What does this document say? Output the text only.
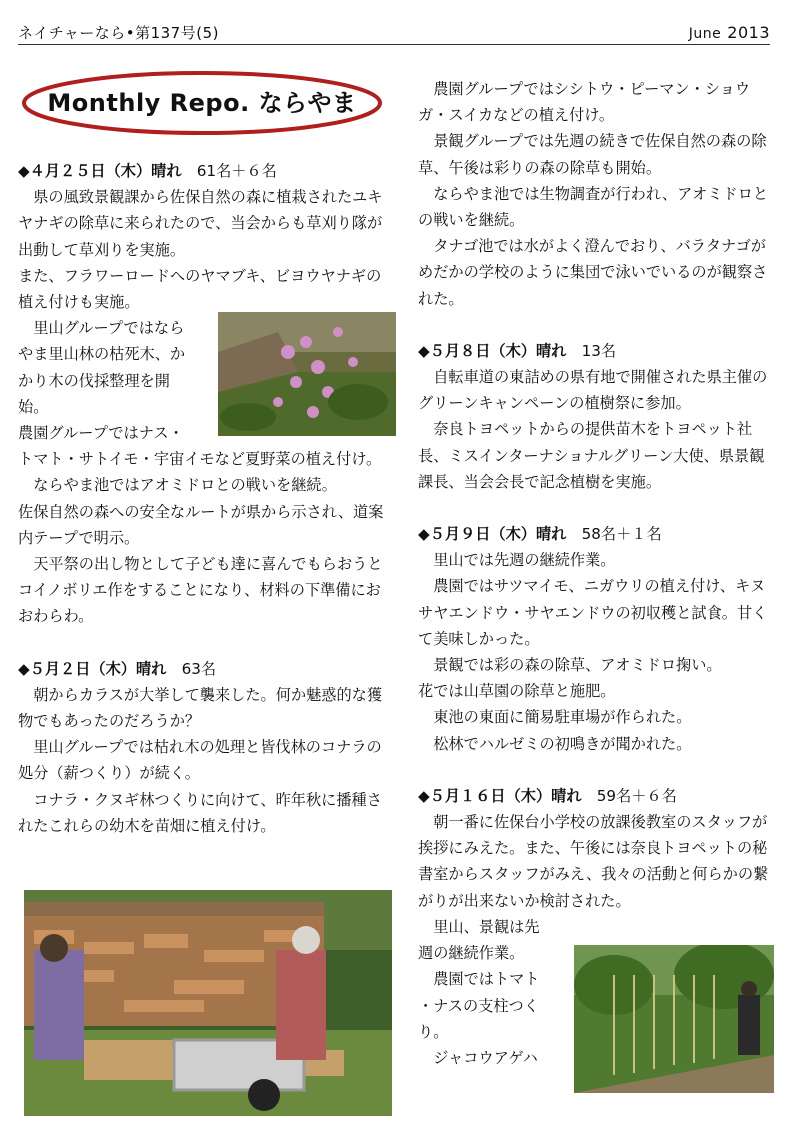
ネイチャーなら•第137号(5)	June 2013
Monthly Repo. ならやま

◆４月２５日（木）晴れ　 61名＋６名

県の風致景観課から佐保自然の森に植栽されたユキヤナギの除草に来られたので、当会からも草刈り隊が出動して草刈りを実施。

また、フラワーロードへのヤマブキ、ビヨウヤナギの植え付けも実施。

里山グループではなら

やま里山林の枯死木、か

かり木の伐採整理を開

始。

農園グループではナス・

トマト・サトイモ・宇宙イモなど夏野菜の植え付け。

ならやま池ではアオミドロとの戦いを継続。

佐保自然の森への安全なルートが県から示され、道案内テープで明示。

天平祭の出し物として子ども達に喜んでもらおうとコイノボリエ作をすることになり、材料の下準備におおわらわ。

◆５月２日（木）晴れ　 63名

朝からカラスが大挙して襲来した。何か魅惑的な獲物でもあったのだろうか？

里山グループでは枯れ木の処理と皆伐林のコナラの処分（薪つくり）が続く。

コナラ・クヌギ林つくりに向けて、昨年秋に播種されたこれらの幼木を苗畑に植え付け。

農園グループではシシトウ・ピーマン・ショウガ・スイカなどの植え付け。

景観グループでは先週の続きで佐保自然の森の除草、午後は彩りの森の除草も開始。

ならやま池では生物調査が行われ、アオミドロとの戦いを継続。

タナゴ池では水がよく澄んでおり、バラタナゴがめだかの学校のように集団で泳いでいるのが観察された。

◆５月８日（木）晴れ　 13名

自転車道の東詰めの県有地で開催された県主催のグリーンキャンペーンの植樹祭に参加。

奈良トヨペットからの提供苗木をトヨペット社長、ミスインターナショナルグリーン大使、県景観課長、当会会長で記念植樹を実施。

◆５月９日（木）晴れ　 58名＋１名

里山では先週の継続作業。

農園ではサツマイモ、ニガウリの植え付け、キヌサヤエンドウ・サヤエンドウの初収穫と試食。甘くて美味しかった。

景観では彩の森の除草、アオミドロ掬い。

花では山草園の除草と施肥。

東池の東面に簡易駐車場が作られた。

松林でハルゼミの初鳴きが聞かれた。

◆５月１６日（木）晴れ　 59名＋６名

朝一番に佐保台小学校の放課後教室のスタッフが挨拶にみえた。また、午後には奈良トヨペットの秘書室からスタッフがみえ、我々の活動と何らかの繋がりが出来ないか検討された。

里山、景観は先

週の継続作業。

農園ではトマト

・ナスの支柱つく

り。

ジャコウアゲハ
